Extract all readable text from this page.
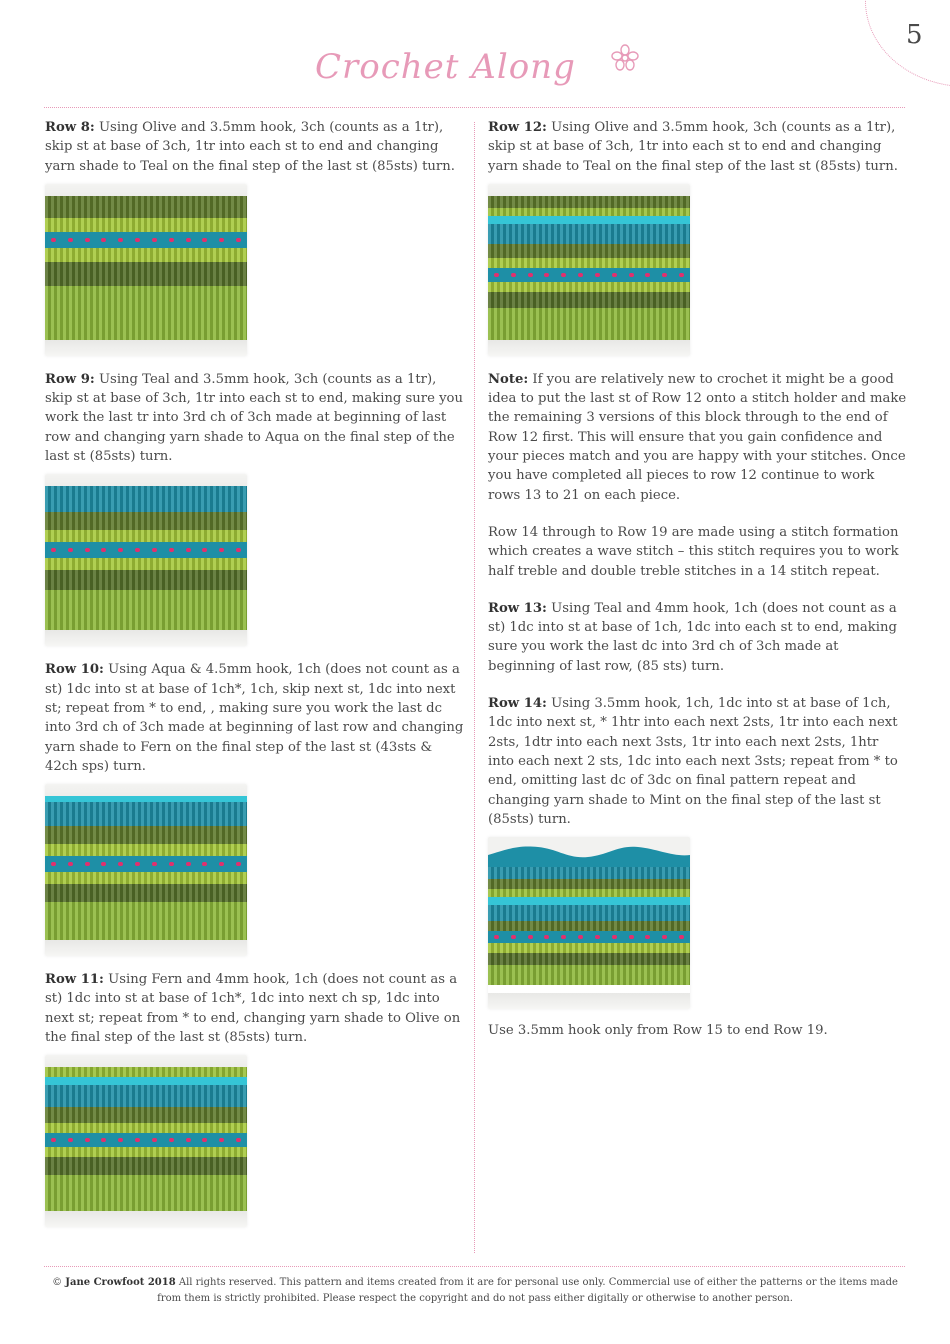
5
Crochet Along

Row 8: Using Olive and 3.5mm hook, 3ch (counts as a 1tr), skip st at base of 3ch, 1tr into each st to end and changing yarn shade to Teal on the final step of the last st (85sts) turn.

Row 9: Using Teal and 3.5mm hook, 3ch (counts as a 1tr), skip st at base of 3ch, 1tr into each st to end, making sure you work the last tr into 3rd ch of 3ch made at beginning of last row and changing yarn shade to Aqua on the final step of the last st (85sts) turn.

Row 10: Using Aqua & 4.5mm hook, 1ch (does not count as a st) 1dc into st at base of 1ch*, 1ch, skip next st, 1dc into next st; repeat from * to end, , making sure you work the last dc into 3rd ch of 3ch made at beginning of last row and changing yarn shade to Fern on the final step of the last st (43sts & 42ch sps) turn.

Row 11: Using Fern and 4mm hook, 1ch (does not count as a st) 1dc into st at base of 1ch*, 1dc into next ch sp, 1dc into next st; repeat from * to end, changing yarn shade to Olive on the final step of the last st (85sts) turn.

Row 12: Using Olive and 3.5mm hook, 3ch (counts as a 1tr), skip st at base of 3ch, 1tr into each st to end and changing yarn shade to Teal on the final step of the last st (85sts) turn.

Note: If you are relatively new to crochet it might be a good idea to put the last st of Row 12 onto a stitch holder and make the remaining 3 versions of this block through to the end of Row 12 first. This will ensure that you gain confidence and your pieces match and you are happy with your stitches. Once you have completed all pieces to row 12 continue to work rows 13 to 21 on each piece.

Row 14 through to Row 19 are made using a stitch formation which creates a wave stitch – this stitch requires you to work half treble and double treble stitches in a 14 stitch repeat.

Row 13: Using Teal and 4mm hook, 1ch (does not count as a st) 1dc into st at base of 1ch, 1dc into each st to end, making sure you work the last dc into 3rd ch of 3ch made at beginning of last row, (85 sts) turn.

Row 14: Using 3.5mm hook, 1ch, 1dc into st at base of 1ch, 1dc into next st, * 1htr into each next 2sts, 1tr into each next 2sts, 1dtr into each next 3sts, 1tr into each next 2sts, 1htr into each next 2 sts, 1dc into each next 3sts; repeat from * to end, omitting last dc of 3dc on final pattern repeat and changing yarn shade to Mint on the final step of the last st (85sts) turn.

Use 3.5mm hook only from Row 15 to end Row 19.

© Jane Crowfoot 2018 All rights reserved. This pattern and items created from it are for personal use only. Commercial use of either the patterns or the items made from them is strictly prohibited. Please respect the copyright and do not pass either digitally or otherwise to another person.
